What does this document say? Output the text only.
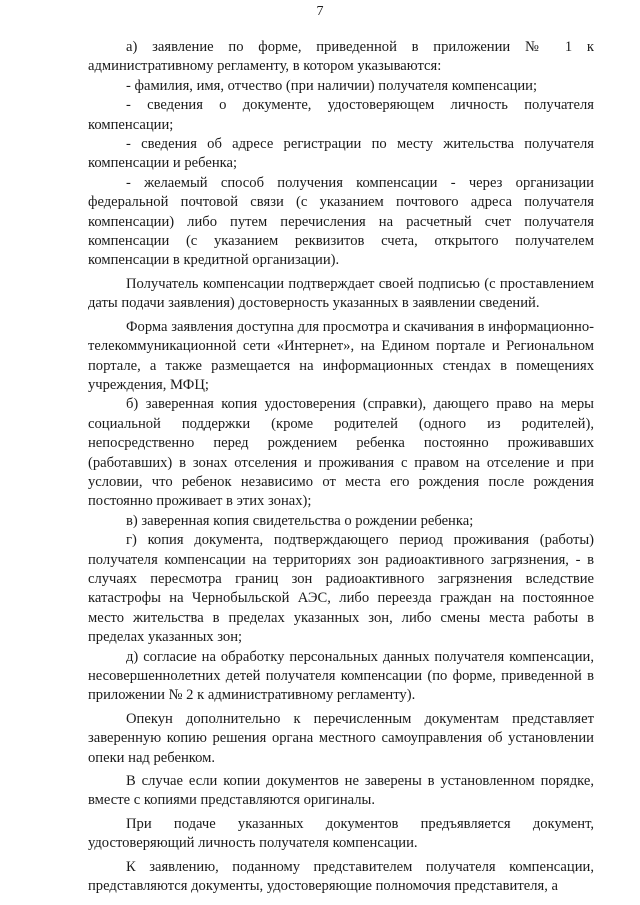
7

а) заявление по форме, приведенной в приложении № 1 к административному регламенту, в котором указываются:

- фамилия, имя, отчество (при наличии) получателя компенсации;

- сведения о документе, удостоверяющем личность получателя компенсации;

- сведения об адресе регистрации по месту жительства получателя компенсации и ребенка;

- желаемый способ получения компенсации - через организации федеральной почтовой связи (с указанием почтового адреса получателя компенсации) либо путем перечисления на расчетный счет получателя компенсации (с указанием реквизитов счета, открытого получателем компенсации в кредитной организации).

Получатель компенсации подтверждает своей подписью (с проставлением даты подачи заявления) достоверность указанных в заявлении сведений.

Форма заявления доступна для просмотра и скачивания в информационно-телекоммуникационной сети «Интернет», на Едином портале и Региональном портале, а также размещается на информационных стендах в помещениях учреждения, МФЦ;

б) заверенная копия удостоверения (справки), дающего право на меры социальной поддержки (кроме родителей (одного из родителей), непосредственно перед рождением ребенка постоянно проживавших (работавших) в зонах отселения и проживания с правом на отселение и при условии, что ребенок независимо от места его рождения после рождения постоянно проживает в этих зонах);

в) заверенная копия свидетельства о рождении ребенка;

г) копия документа, подтверждающего период проживания (работы) получателя компенсации на территориях зон радиоактивного загрязнения, - в случаях пересмотра границ зон радиоактивного загрязнения вследствие катастрофы на Чернобыльской АЭС, либо переезда граждан на постоянное место жительства в пределах указанных зон, либо смены места работы в пределах указанных зон;

д) согласие на обработку персональных данных получателя компенсации, несовершеннолетних детей получателя компенсации (по форме, приведенной в приложении № 2 к административному регламенту).

Опекун дополнительно к перечисленным документам представляет заверенную копию решения органа местного самоуправления об установлении опеки над ребенком.

В случае если копии документов не заверены в установленном порядке, вместе с копиями представляются оригиналы.

При подаче указанных документов предъявляется документ, удостоверяющий личность получателя компенсации.

К заявлению, поданному представителем получателя компенсации, представляются документы, удостоверяющие полномочия представителя, а
